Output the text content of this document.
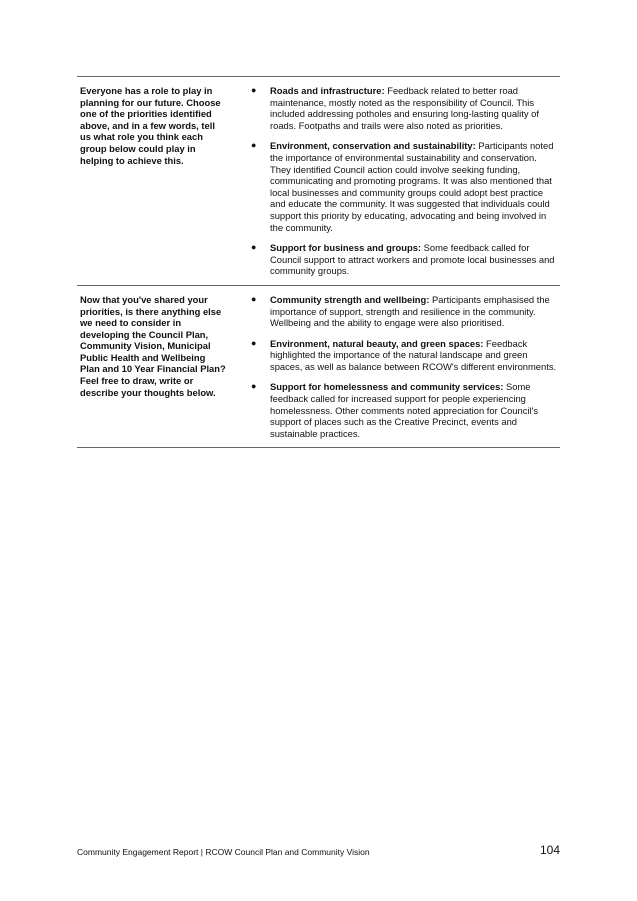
Everyone has a role to play in planning for our future. Choose one of the priorities identified above, and in a few words, tell us what role you think each group below could play in helping to achieve this.
● Roads and infrastructure: Feedback related to better road maintenance, mostly noted as the responsibility of Council. This included addressing potholes and ensuring long-lasting quality of roads. Footpaths and trails were also noted as priorities.
● Environment, conservation and sustainability: Participants noted the importance of environmental sustainability and conservation. They identified Council action could involve seeking funding, communicating and promoting programs. It was also mentioned that local businesses and community groups could adopt best practice and educate the community. It was suggested that individuals could support this priority by educating, advocating and being involved in the community.
● Support for business and groups: Some feedback called for Council support to attract workers and promote local businesses and community groups.
Now that you've shared your priorities, is there anything else we need to consider in developing the Council Plan, Community Vision, Municipal Public Health and Wellbeing Plan and 10 Year Financial Plan? Feel free to draw, write or describe your thoughts below.
● Community strength and wellbeing: Participants emphasised the importance of support, strength and resilience in the community. Wellbeing and the ability to engage were also prioritised.
● Environment, natural beauty, and green spaces: Feedback highlighted the importance of the natural landscape and green spaces, as well as balance between RCOW's different environments.
● Support for homelessness and community services: Some feedback called for increased support for people experiencing homelessness. Other comments noted appreciation for Council's support of places such as the Creative Precinct, events and sustainable practices.
Community Engagement Report | RCOW Council Plan and Community Vision	104
